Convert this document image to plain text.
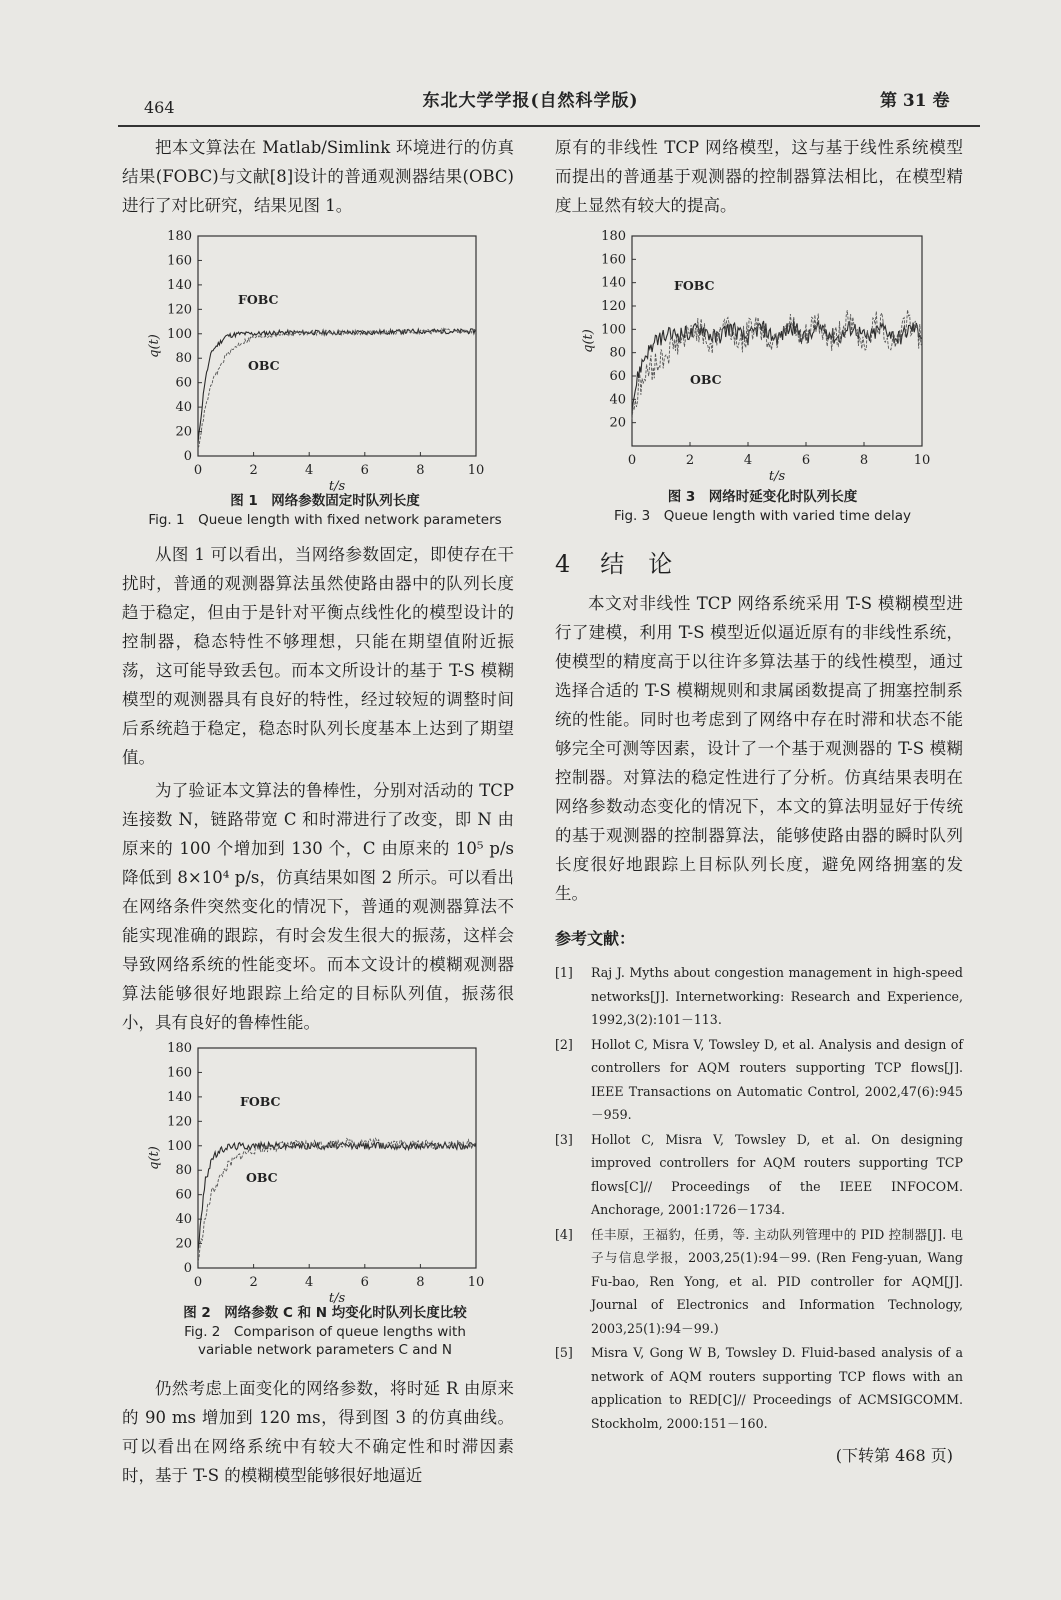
464	东北大学学报(自然科学版)	第 31 卷

把本文算法在 Matlab/Simlink 环境进行的仿真结果(FOBC)与文献[8]设计的普通观测器结果(OBC)进行了对比研究，结果见图 1。

0
20
40
60
80
100
120
140
160
180
0	2	4	6	8	10
t/s
q(t)
FOBC
OBC
图 1　网络参数固定时队列长度
Fig. 1　Queue length with fixed network parameters

从图 1 可以看出，当网络参数固定，即使存在干扰时，普通的观测器算法虽然使路由器中的队列长度趋于稳定，但由于是针对平衡点线性化的模型设计的控制器，稳态特性不够理想，只能在期望值附近振荡，这可能导致丢包。而本文所设计的基于 T-S 模糊模型的观测器具有良好的特性，经过较短的调整时间后系统趋于稳定，稳态时队列长度基本上达到了期望值。

为了验证本文算法的鲁棒性，分别对活动的 TCP 连接数 N，链路带宽 C 和时滞进行了改变，即 N 由原来的 100 个增加到 130 个，C 由原来的 10⁵ p/s 降低到 8×10⁴ p/s，仿真结果如图 2 所示。可以看出在网络条件突然变化的情况下，普通的观测器算法不能实现准确的跟踪，有时会发生很大的振荡，这样会导致网络系统的性能变坏。而本文设计的模糊观测器算法能够很好地跟踪上给定的目标队列值，振荡很小，具有良好的鲁棒性能。

0
20
40
60
80
100
120
140
160
180
0	2	4	6	8	10
t/s
q(t)
FOBC
OBC
图 2　网络参数 C 和 N 均变化时队列长度比较
Fig. 2　Comparison of queue lengths with variable network parameters C and N

仍然考虑上面变化的网络参数，将时延 R 由原来的 90 ms 增加到 120 ms，得到图 3 的仿真曲线。可以看出在网络系统中有较大不确定性和时滞因素时，基于 T-S 的模糊模型能够很好地逼近

原有的非线性 TCP 网络模型，这与基于线性系统模型而提出的普通基于观测器的控制器算法相比，在模型精度上显然有较大的提高。

20
40
60
80
100
120
140
160
180
0	2	4	6	8	10
t/s
q(t)
FOBC
OBC
图 3　网络时延变化时队列长度
Fig. 3　Queue length with varied time delay
4 结　论

本文对非线性 TCP 网络系统采用 T-S 模糊模型进行了建模，利用 T-S 模型近似逼近原有的非线性系统，使模型的精度高于以往许多算法基于的线性模型，通过选择合适的 T-S 模糊规则和隶属函数提高了拥塞控制系统的性能。同时也考虑到了网络中存在时滞和状态不能够完全可测等因素，设计了一个基于观测器的 T-S 模糊控制器。对算法的稳定性进行了分析。仿真结果表明在网络参数动态变化的情况下，本文的算法明显好于传统的基于观测器的控制器算法，能够使路由器的瞬时队列长度很好地跟踪上目标队列长度，避免网络拥塞的发生。

参考文献：
[1]	Raj J. Myths about congestion management in high-speed networks[J]. Internetworking: Research and Experience, 1992,3(2):101－113.
[2]	Hollot C, Misra V, Towsley D, et al. Analysis and design of controllers for AQM routers supporting TCP flows[J]. IEEE Transactions on Automatic Control, 2002,47(6):945－959.
[3]	Hollot C, Misra V, Towsley D, et al. On designing improved controllers for AQM routers supporting TCP flows[C]// Proceedings of the IEEE INFOCOM. Anchorage, 2001:1726－1734.
[4]	任丰原，王福豹，任勇，等. 主动队列管理中的 PID 控制器[J]. 电子与信息学报，2003,25(1):94－99. (Ren Feng-yuan, Wang Fu-bao, Ren Yong, et al. PID controller for AQM[J]. Journal of Electronics and Information Technology, 2003,25(1):94－99.)
[5]	Misra V, Gong W B, Towsley D. Fluid-based analysis of a network of AQM routers supporting TCP flows with an application to RED[C]// Proceedings of ACMSIGCOMM. Stockholm, 2000:151－160.
(下转第 468 页)
